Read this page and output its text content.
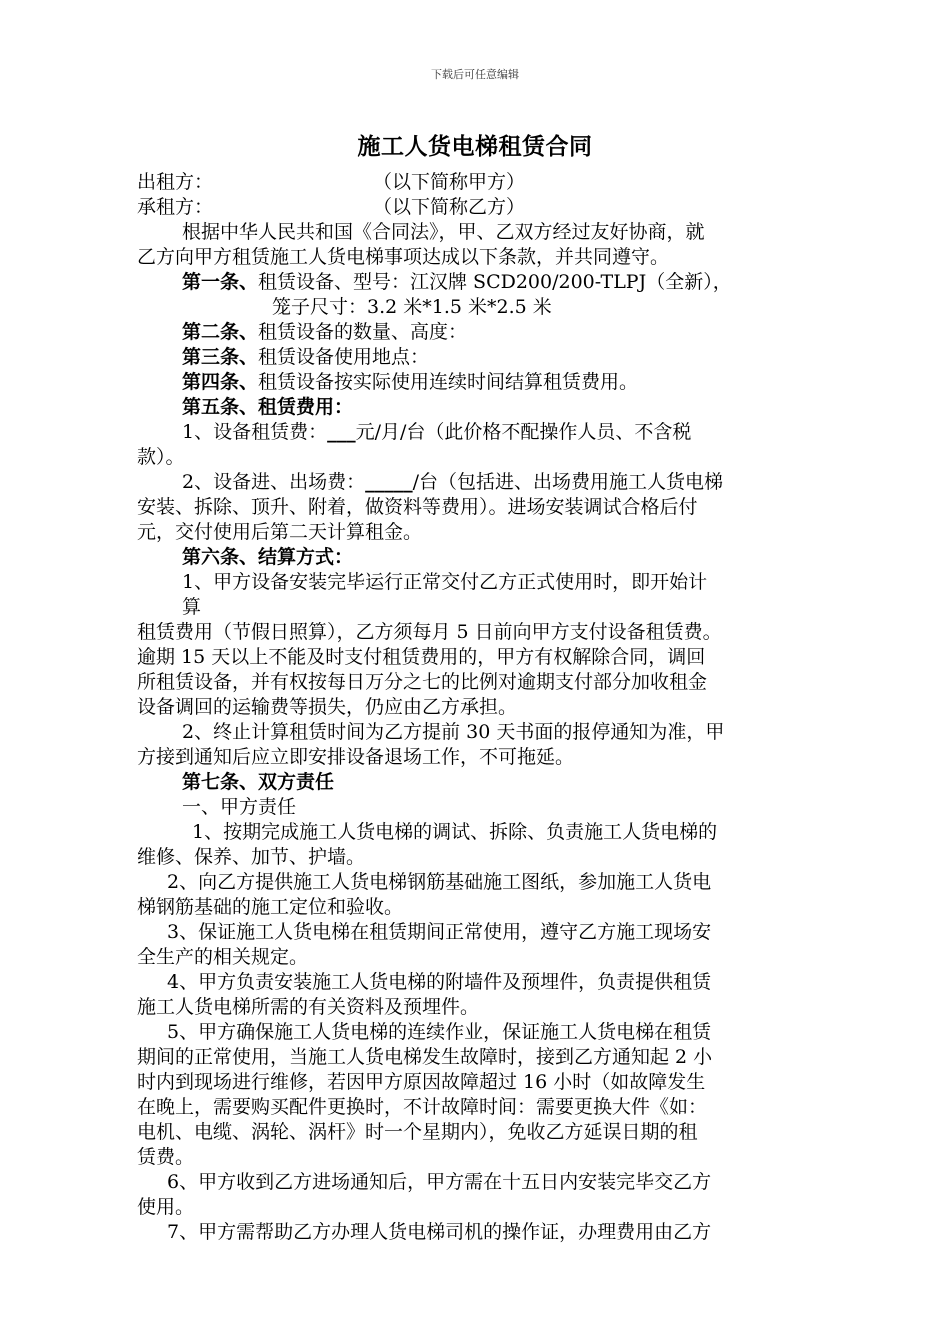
下载后可任意编辑
施工人货电梯租赁合同
出租方：	（以下简称甲方）
承租方：	（以下简称乙方）
根据中华人民共和国《合同法》，甲、乙双方经过友好协商，就
乙方向甲方租赁施工人货电梯事项达成以下条款，并共同遵守。
第一条、租赁设备、型号：江汉牌 SCD200/200-TLPJ（全新），
笼子尺寸：3.2 米*1.5 米*2.5 米
第二条、租赁设备的数量、高度：
第三条、租赁设备使用地点：
第四条、租赁设备按实际使用连续时间结算租赁费用。
第五条、租赁费用：
1、设备租赁费：___元/月/台（此价格不配操作人员、不含税
款）。
2、设备进、出场费：_____/台（包括进、出场费用施工人货电梯
安装、拆除、顶升、附着，做资料等费用）。进场安装调试合格后付
元，交付使用后第二天计算租金。
第六条、结算方式：
1、甲方设备安装完毕运行正常交付乙方正式使用时，即开始计
算
租赁费用（节假日照算），乙方须每月 5 日前向甲方支付设备租赁费。
逾期 15 天以上不能及时支付租赁费用的，甲方有权解除合同，调回
所租赁设备，并有权按每日万分之七的比例对逾期支付部分加收租金
设备调回的运输费等损失，仍应由乙方承担。
2、终止计算租赁时间为乙方提前 30 天书面的报停通知为准，甲
方接到通知后应立即安排设备退场工作，不可拖延。
第七条、双方责任
一、甲方责任
1、按期完成施工人货电梯的调试、拆除、负责施工人货电梯的
维修、保养、加节、护墙。
2、向乙方提供施工人货电梯钢筋基础施工图纸，参加施工人货电
梯钢筋基础的施工定位和验收。
3、保证施工人货电梯在租赁期间正常使用，遵守乙方施工现场安
全生产的相关规定。
4、甲方负责安装施工人货电梯的附墙件及预埋件，负责提供租赁
施工人货电梯所需的有关资料及预埋件。
5、甲方确保施工人货电梯的连续作业，保证施工人货电梯在租赁
期间的正常使用，当施工人货电梯发生故障时，接到乙方通知起 2 小
时内到现场进行维修，若因甲方原因故障超过 16 小时（如故障发生
在晚上，需要购买配件更换时，不计故障时间：需要更换大件《如：
电机、电缆、涡轮、涡杆》时一个星期内），免收乙方延误日期的租
赁费。
6、甲方收到乙方进场通知后，甲方需在十五日内安装完毕交乙方
使用。
7、甲方需帮助乙方办理人货电梯司机的操作证，办理费用由乙方
